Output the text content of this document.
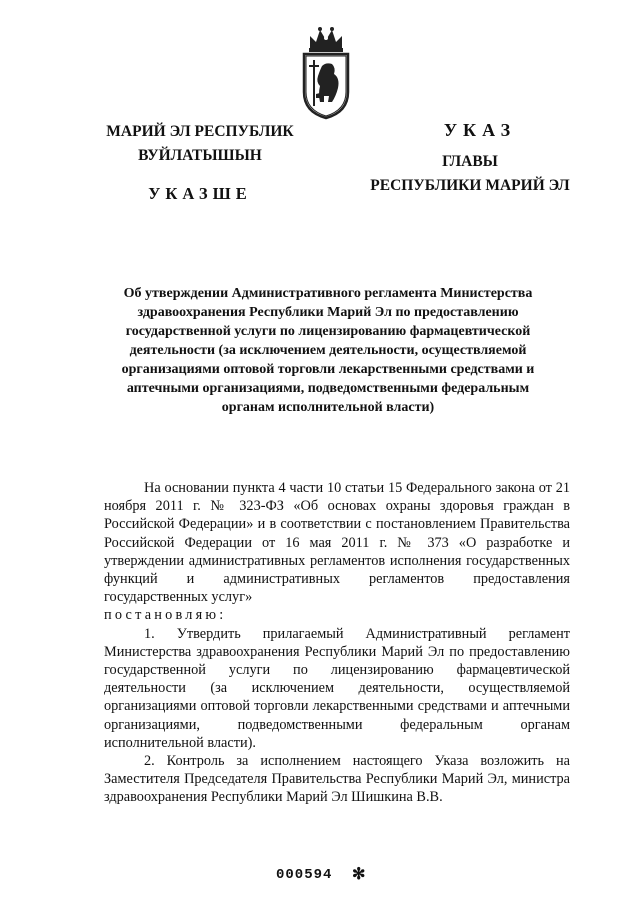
МАРИЙ ЭЛ РЕСПУБЛИК
ВУЙЛАТЫШЫН
УКАЗШЕ
УКАЗ
ГЛАВЫ
РЕСПУБЛИКИ МАРИЙ ЭЛ
Об утверждении Административного регламента Министерства здравоохранения Республики Марий Эл по предоставлению государственной услуги по лицензированию фармацевтической деятельности (за исключением деятельности, осуществляемой организациями оптовой торговли лекарственными средствами и аптечными организациями, подведомственными федеральным органам исполнительной власти)

На основании пункта 4 части 10 статьи 15 Федерального закона от 21 ноября 2011 г. № 323-ФЗ «Об основах охраны здоровья граждан в Российской Федерации» и в соответствии с постановлением Правительства Российской Федерации от 16 мая 2011 г. № 373 «О разработке и утверждении административных регламентов исполнения государственных функций и административных регламентов предоставления государственных услуг»

постановляю:

1. Утвердить прилагаемый Административный регламент Министерства здравоохранения Республики Марий Эл по предоставлению государственной услуги по лицензированию фармацевтической деятельности (за исключением деятельности, осуществляемой организациями оптовой торговли лекарственными средствами и аптечными организациями, подведомственными федеральным органам исполнительной власти).

2. Контроль за исполнением настоящего Указа возложить на Заместителя Председателя Правительства Республики Марий Эл, министра здравоохранения Республики Марий Эл Шишкина В.В.

000594 ✻
